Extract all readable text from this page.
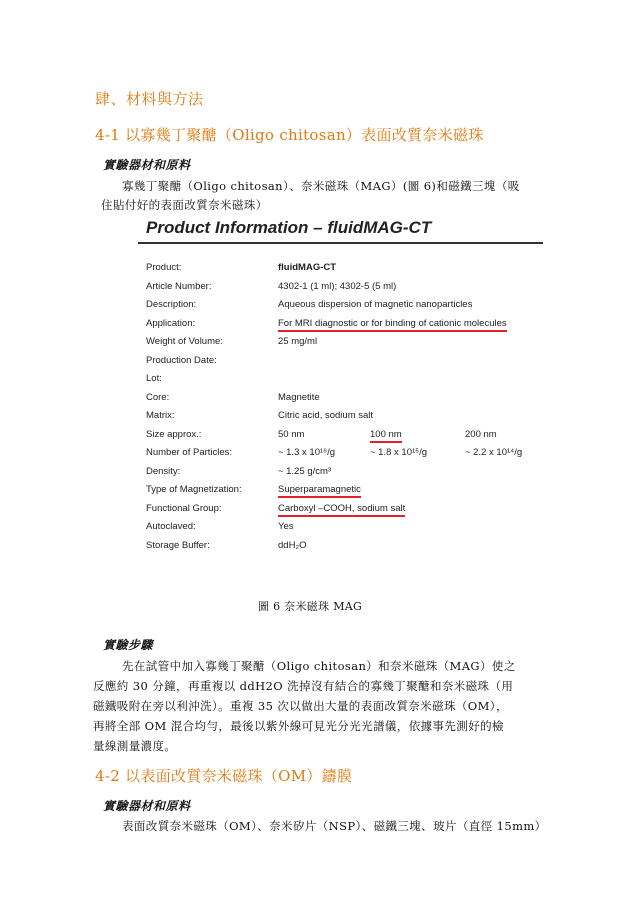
肆、材料與方法
4-1 以寡幾丁聚醣（Oligo chitosan）表面改質奈米磁珠
實驗器材和原料
寡幾丁聚醣（Oligo chitosan）、奈米磁珠（MAG）(圖 6)和磁鐵三塊（吸
住貼付好的表面改質奈米磁珠）
Product Information – fluidMAG-CT
Product:	fluidMAG-CT
Article Number:	4302-1 (1 ml); 4302-5 (5 ml)
Description:	Aqueous dispersion of magnetic nanoparticles
Application:	For MRI diagnostic or for binding of cationic molecules
Weight of Volume:	25 mg/ml
Production Date:
Lot:
Core:	Magnetite
Matrix:	Citric acid, sodium salt
Size approx.:	50 nm	100 nm	200 nm
Number of Particles:	~ 1.3 x 10¹⁶/g	~ 1.8 x 10¹⁵/g	~ 2.2 x 10¹⁴/g
Density:	~ 1.25 g/cm³
Type of Magnetization:	Superparamagnetic
Functional Group:	Carboxyl –COOH, sodium salt
Autoclaved:	Yes
Storage Buffer:	ddH₂O
圖 6 奈米磁珠 MAG
實驗步驟
先在試管中加入寡幾丁聚醣（Oligo chitosan）和奈米磁珠（MAG）使之
反應約 30 分鐘，再重複以 ddH2O 洗掉沒有結合的寡幾丁聚醣和奈米磁珠（用
磁鐵吸附在旁以利沖洗）。重複 35 次以做出大量的表面改質奈米磁珠（OM），
再將全部 OM 混合均勻，最後以紫外線可見光分光光譜儀，依據事先測好的檢
量線測量濃度。
4-2 以表面改質奈米磁珠（OM）鑄膜
實驗器材和原料
表面改質奈米磁珠（OM）、奈米矽片（NSP）、磁鐵三塊、玻片（直徑 15mm）
